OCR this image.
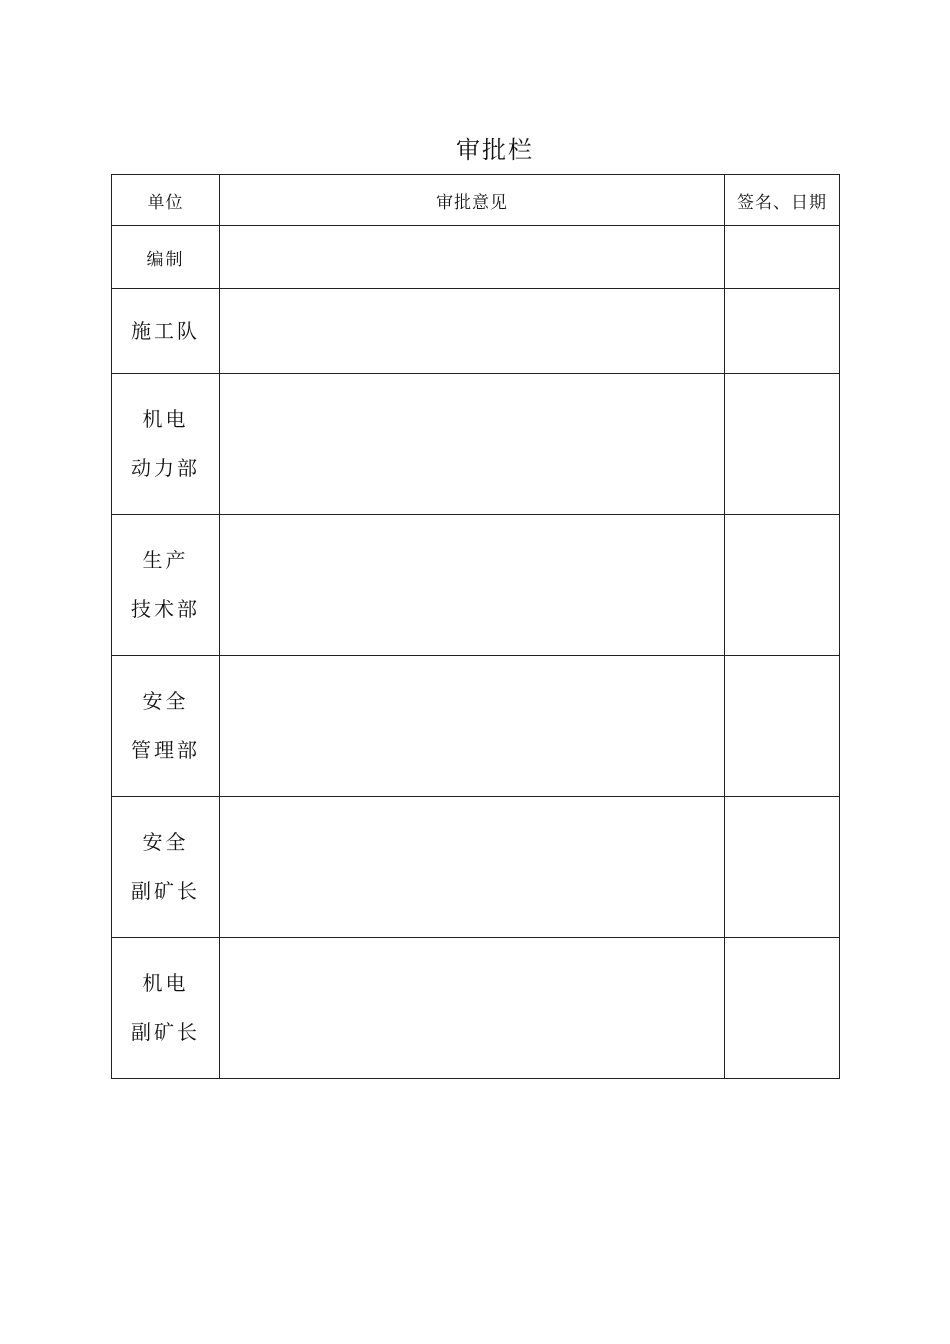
审批栏
单位	审批意见	签名、日期

编制		

施工队		

机电
动力部		

生产
技术部		

安全
管理部		

安全
副矿长		

机电
副矿长		
